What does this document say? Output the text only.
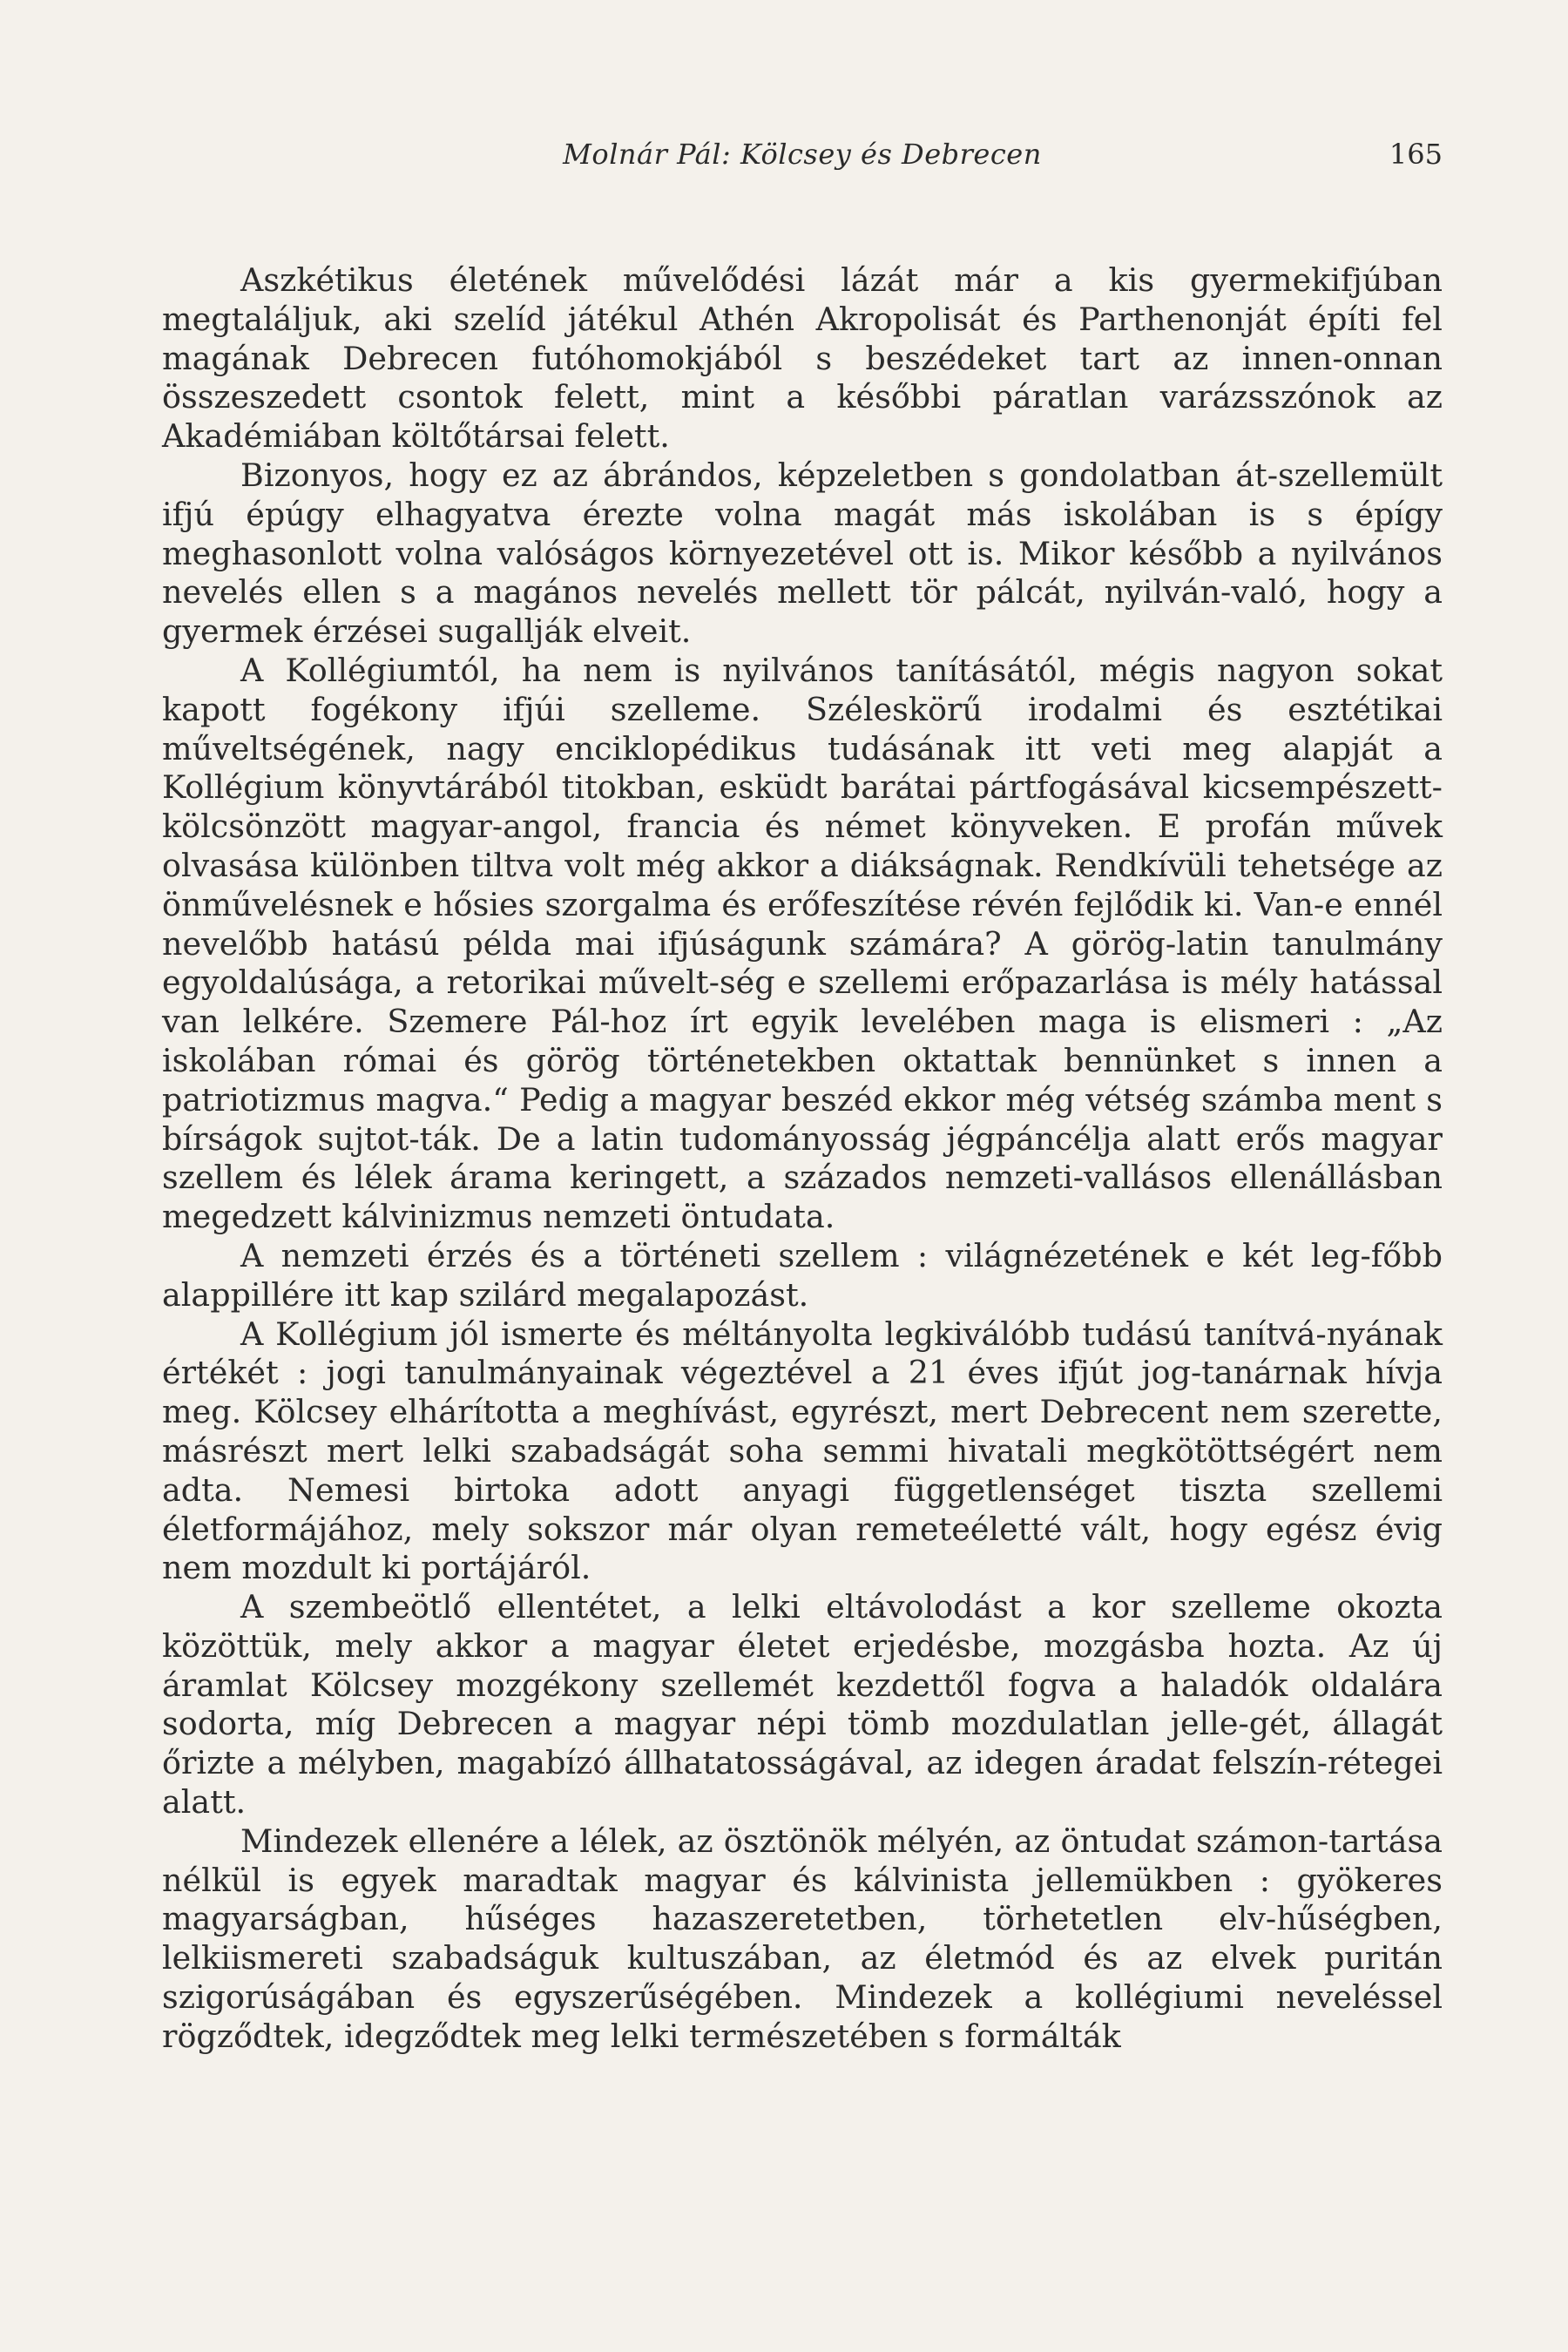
Molnár Pál: Kölcsey és Debrecen	165

Aszkétikus életének művelődési lázát már a kis gyermekifjúban megtaláljuk, aki szelíd játékul Athén Akropolisát és Parthenonját építi fel magának Debrecen futóhomokjából s beszédeket tart az innen-onnan összeszedett csontok felett, mint a későbbi páratlan varázsszónok az Akadémiában költőtársai felett.

Bizonyos, hogy ez az ábrándos, képzeletben s gondolatban át-szellemült ifjú épúgy elhagyatva érezte volna magát más iskolában is s épígy meghasonlott volna valóságos környezetével ott is. Mikor később a nyilvános nevelés ellen s a magános nevelés mellett tör pálcát, nyilván-való, hogy a gyermek érzései sugallják elveit.

A Kollégiumtól, ha nem is nyilvános tanításától, mégis nagyon sokat kapott fogékony ifjúi szelleme. Széleskörű irodalmi és esztétikai műveltségének, nagy enciklopédikus tudásának itt veti meg alapját a Kollégium könyvtárából titokban, esküdt barátai pártfogásával kicsempészett-kölcsönzött magyar-angol, francia és német könyveken. E profán művek olvasása különben tiltva volt még akkor a diákságnak. Rendkívüli tehetsége az önművelésnek e hősies szorgalma és erőfeszítése révén fejlődik ki. Van-e ennél nevelőbb hatású példa mai ifjúságunk számára? A görög-latin tanulmány egyoldalúsága, a retorikai művelt-ség e szellemi erőpazarlása is mély hatással van lelkére. Szemere Pál-hoz írt egyik levelében maga is elismeri : „Az iskolában római és görög történetekben oktattak bennünket s innen a patriotizmus magva.“ Pedig a magyar beszéd ekkor még vétség számba ment s bírságok sujtot-ták. De a latin tudományosság jégpáncélja alatt erős magyar szellem és lélek árama keringett, a százados nemzeti-vallásos ellenállásban megedzett kálvinizmus nemzeti öntudata.

A nemzeti érzés és a történeti szellem : világnézetének e két leg-főbb alappillére itt kap szilárd megalapozást.

A Kollégium jól ismerte és méltányolta legkiválóbb tudású tanítvá-nyának értékét : jogi tanulmányainak végeztével a 21 éves ifjút jog-tanárnak hívja meg. Kölcsey elhárította a meghívást, egyrészt, mert Debrecent nem szerette, másrészt mert lelki szabadságát soha semmi hivatali megkötöttségért nem adta. Nemesi birtoka adott anyagi függetlenséget tiszta szellemi életformájához, mely sokszor már olyan remeteéletté vált, hogy egész évig nem mozdult ki portájáról.

A szembeötlő ellentétet, a lelki eltávolodást a kor szelleme okozta közöttük, mely akkor a magyar életet erjedésbe, mozgásba hozta. Az új áramlat Kölcsey mozgékony szellemét kezdettől fogva a haladók oldalára sodorta, míg Debrecen a magyar népi tömb mozdulatlan jelle-gét, állagát őrizte a mélyben, magabízó állhatatosságával, az idegen áradat felszín-rétegei alatt.

Mindezek ellenére a lélek, az ösztönök mélyén, az öntudat számon-tartása nélkül is egyek maradtak magyar és kálvinista jellemükben : gyökeres magyarságban, hűséges hazaszeretetben, törhetetlen elv-hűségben, lelkiismereti szabadságuk kultuszában, az életmód és az elvek puritán szigorúságában és egyszerűségében. Mindezek a kollégiumi neveléssel rögződtek, idegződtek meg lelki természetében s formálták
